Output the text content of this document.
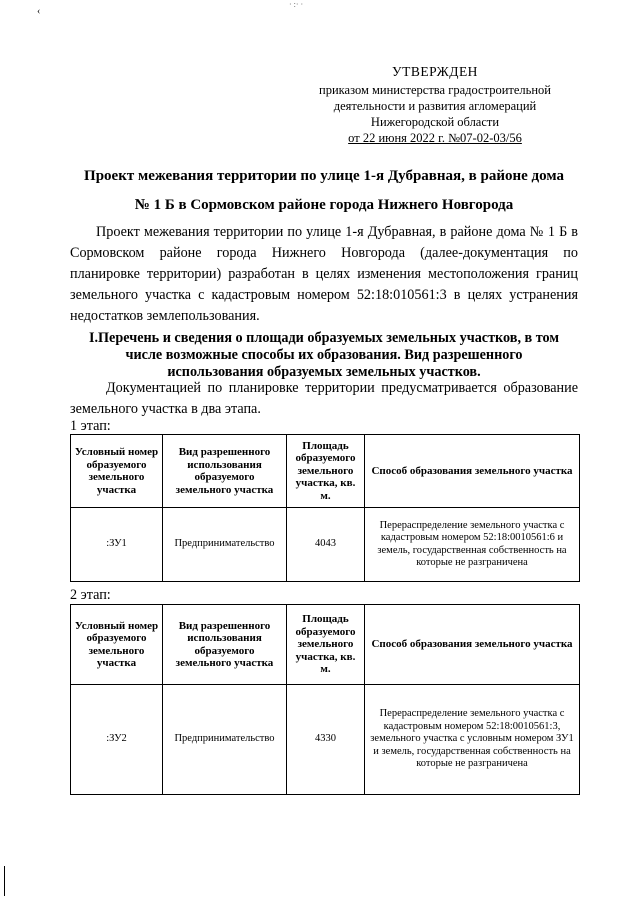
‹
· :· ·
УТВЕРЖДЕН
приказом министерства градостроительной
деятельности и развития агломераций
Нижегородской области
от 22 июня 2022 г. №07-02-03/56
Проект межевания территории по улице 1-я Дубравная, в районе дома
№ 1 Б в Сормовском районе города Нижнего Новгорода
Проект межевания территории по улице 1-я Дубравная, в районе дома № 1 Б в Сормовском районе города Нижнего Новгорода (далее-документация по планировке территории) разработан в целях изменения местоположения границ земельного участка с кадастровым номером 52:18:010561:3 в целях устранения недостатков землепользования.
I.Перечень и сведения о площади образуемых земельных участков, в том
числе возможные способы их образования. Вид разрешенного
использования образуемых земельных участков.
Документацией по планировке территории предусматривается образование земельного участка в два этапа.
1 этап:
Условный номер образуемого земельного участка	Вид разрешенного использования образуемого земельного участка	Площадь образуемого земельного участка, кв. м.	Способ образования земельного участка
:ЗУ1	Предпринимательство	4043	Перераспределение земельного участка с кадастровым номером 52:18:0010561:6 и земель, государственная собственность на которые не разграничена
2 этап:
Условный номер образуемого земельного участка	Вид разрешенного использования образуемого земельного участка	Площадь образуемого земельного участка, кв. м.	Способ образования земельного участка
:ЗУ2	Предпринимательство	4330	Перераспределение земельного участка с кадастровым номером 52:18:0010561:3, земельного участка с условным номером ЗУ1 и земель, государственная собственность на которые не разграничена
